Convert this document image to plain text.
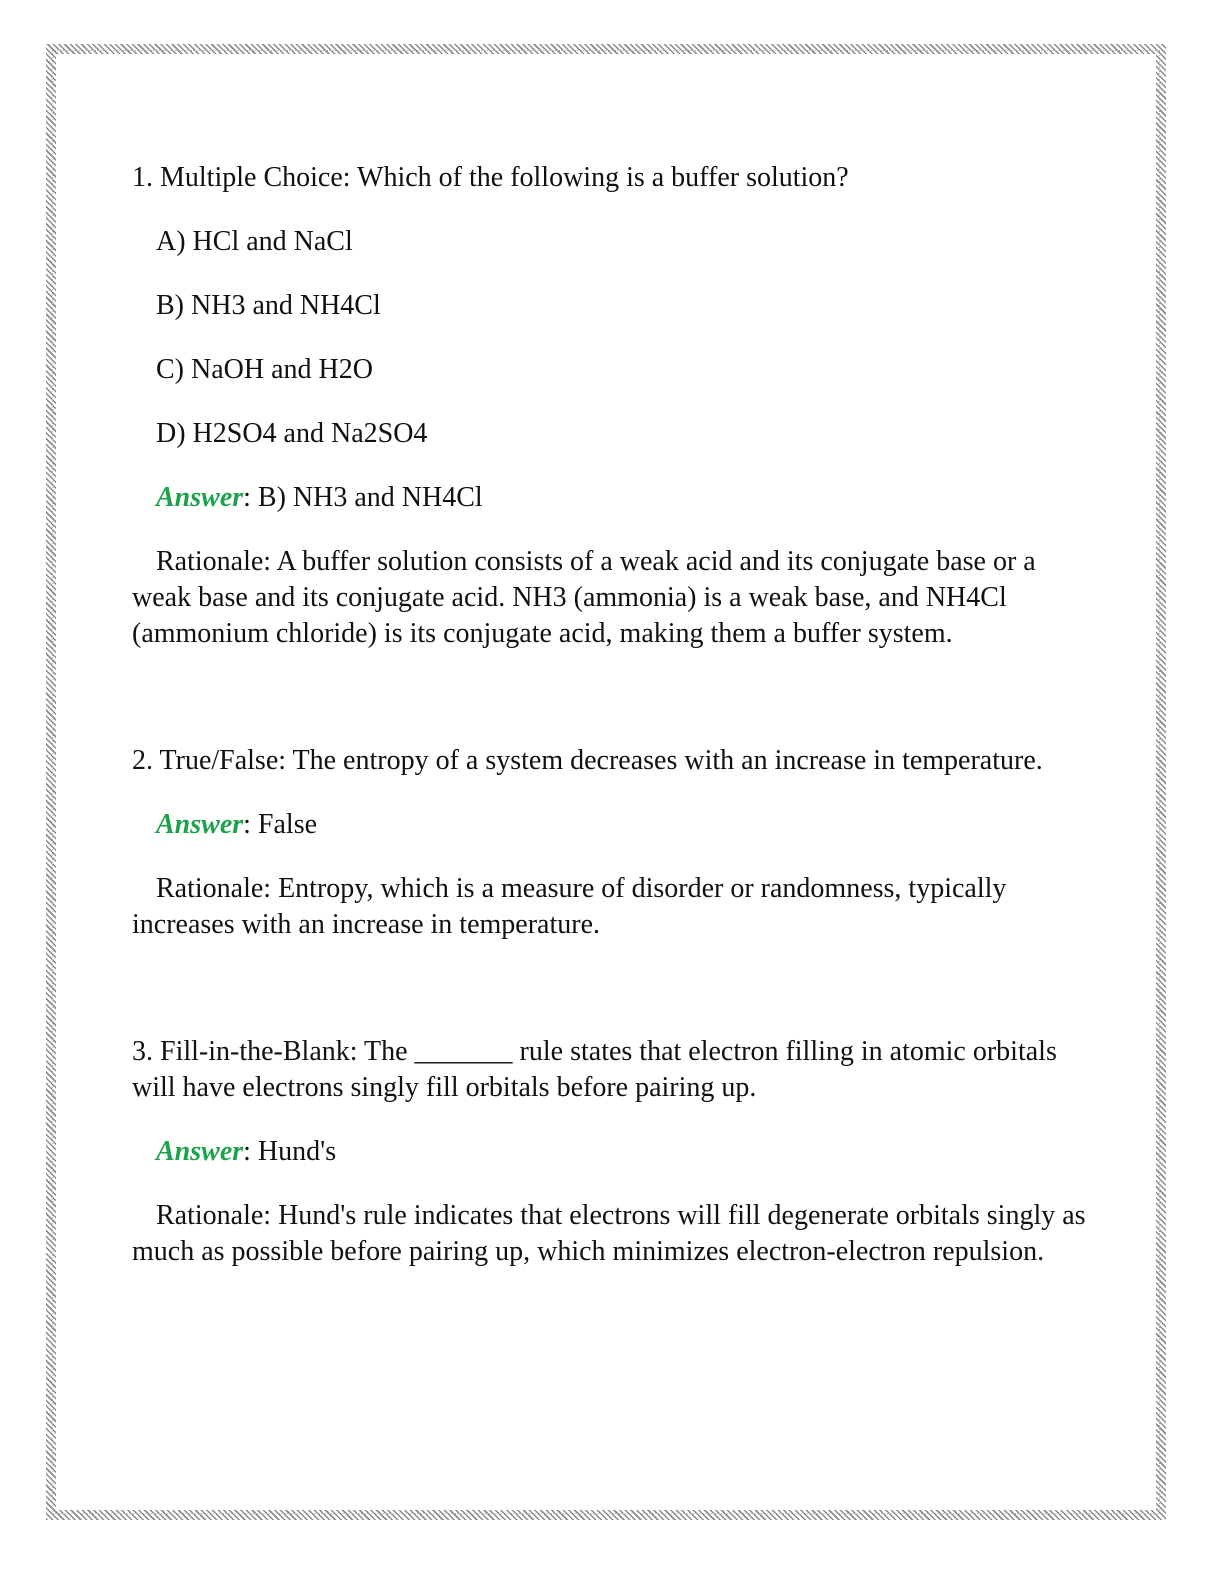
1. Multiple Choice: Which of the following is a buffer solution?

A) HCl and NaCl

B) NH3 and NH4Cl

C) NaOH and H2O

D) H2SO4 and Na2SO4

Answer: B) NH3 and NH4Cl

Rationale: A buffer solution consists of a weak acid and its conjugate base or a weak base and its conjugate acid. NH3 (ammonia) is a weak base, and NH4Cl (ammonium chloride) is its conjugate acid, making them a buffer system.

2. True/False: The entropy of a system decreases with an increase in temperature.

Answer: False

Rationale: Entropy, which is a measure of disorder or randomness, typically increases with an increase in temperature.

3. Fill-in-the-Blank: The _______ rule states that electron filling in atomic orbitals will have electrons singly fill orbitals before pairing up.

Answer: Hund's

Rationale: Hund's rule indicates that electrons will fill degenerate orbitals singly as much as possible before pairing up, which minimizes electron-electron repulsion.
